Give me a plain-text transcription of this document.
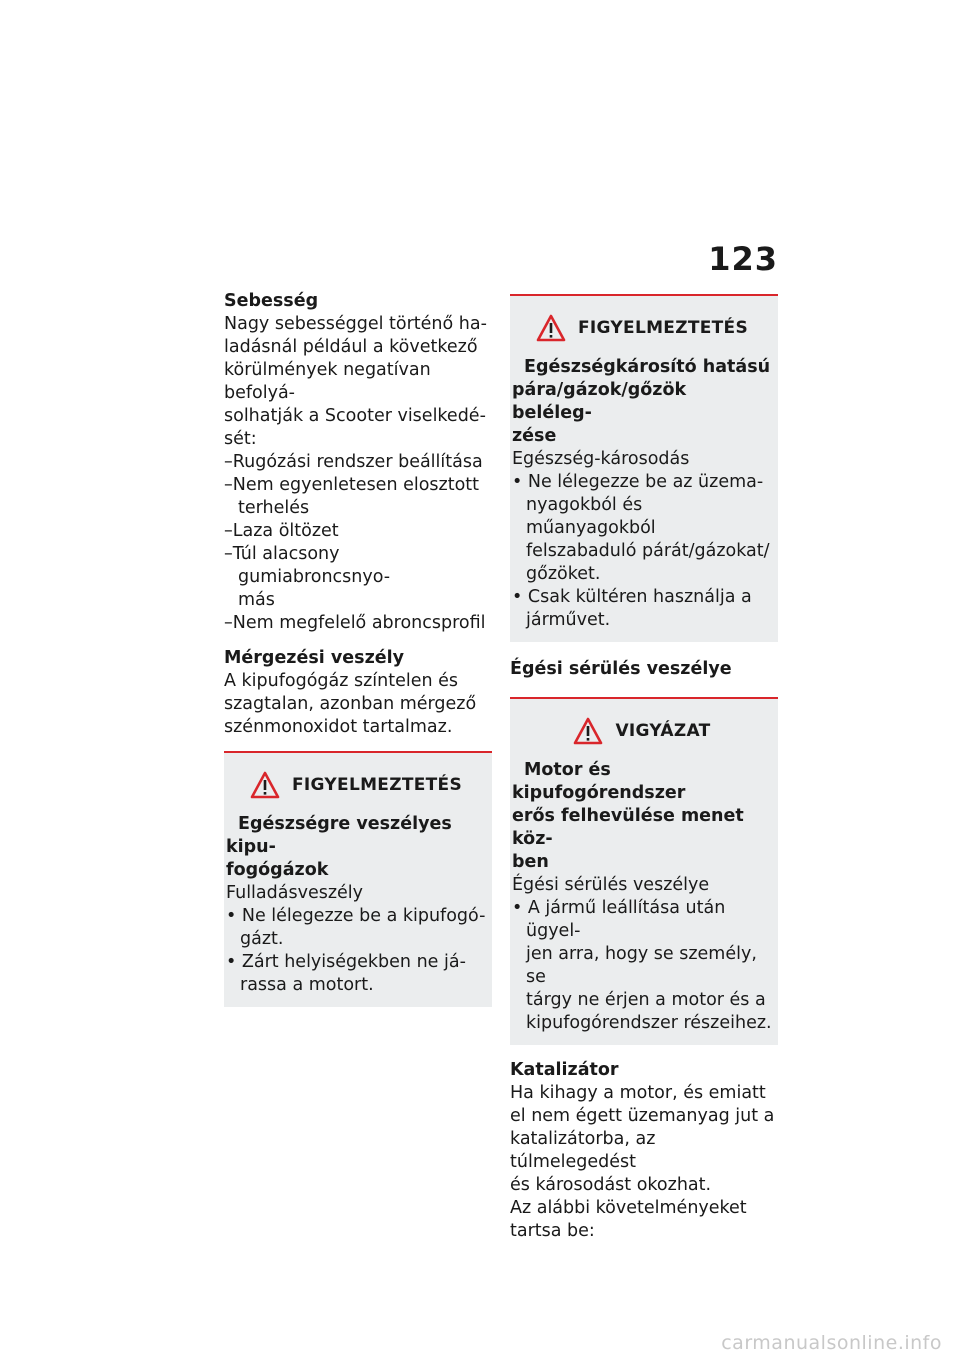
123

Sebesség

Nagy sebességgel történő ha-
ladásnál például a következő
körülmények negatívan befolyá-
solhatják a Scooter viselkedé-
sét:

–Rugózási rendszer beállítása

–Nem egyenletesen elosztott
terhelés

–Laza öltözet

–Túl alacsony gumiabroncsnyo-
más

–Nem megfelelő abroncsprofil

Mérgezési veszély

A kipufogógáz színtelen és
szagtalan, azonban mérgező
szénmonoxidot tartalmaz.

FIGYELMEZTETÉS

Egészségre veszélyes kipu-
fogógázok

Fulladásveszély

• Ne lélegezze be a kipufogó-
gázt.

• Zárt helyiségekben ne já-
rassa a motort.

FIGYELMEZTETÉS

Egészségkárosító hatású
pára/gázok/gőzök beléleg-
zése

Egészség-károsodás

• Ne lélegezze be az üzema-
nyagokból és műanyagokból
felszabaduló párát/gázokat/
gőzöket.

• Csak kültéren használja a
járművet.

Égési sérülés veszélye

VIGYÁZAT

Motor és kipufogórendszer
erős felhevülése menet köz-
ben

Égési sérülés veszélye

• A jármű leállítása után ügyel-
jen arra, hogy se személy, se
tárgy ne érjen a motor és a
kipufogórendszer részeihez.

Katalizátor

Ha kihagy a motor, és emiatt
el nem égett üzemanyag jut a
katalizátorba, az túlmelegedést
és károsodást okozhat.
Az alábbi követelményeket
tartsa be:

carmanualsonline.info
